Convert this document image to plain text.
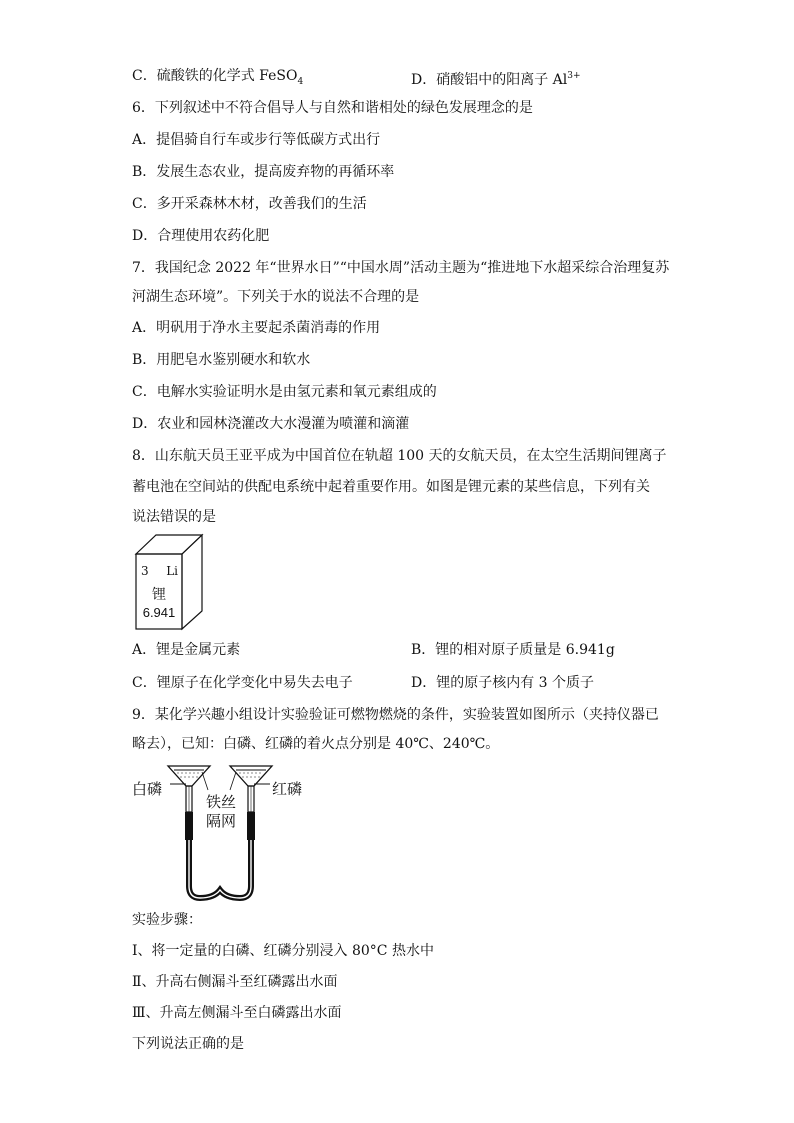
C．硫酸铁的化学式 FeSO$_4$	D．硝酸铝中的阳离子 $Al^{3+}$
6．下列叙述中不符合倡导人与自然和谐相处的绿色发展理念的是
A．提倡骑自行车或步行等低碳方式出行
B．发展生态农业，提高废弃物的再循环率
C．多开采森林木材，改善我们的生活
D．合理使用农药化肥
7．我国纪念 2022 年“世界水日”“中国水周”活动主题为“推进地下水超采综合治理复苏
河湖生态环境”。下列关于水的说法不合理的是
A．明矾用于净水主要起杀菌消毒的作用
B．用肥皂水鉴别硬水和软水
C．电解水实验证明水是由氢元素和氧元素组成的
D．农业和园林浇灌改大水漫灌为喷灌和滴灌
8．山东航天员王亚平成为中国首位在轨超 100 天的女航天员，在太空生活期间锂离子
蓄电池在空间站的供配电系统中起着重要作用。如图是锂元素的某些信息，下列有关
说法错误的是
3 Li
锂
6.941
A．锂是金属元素	B．锂的相对原子质量是 6.941g
C．锂原子在化学变化中易失去电子	D．锂的原子核内有 3 个质子
9．某化学兴趣小组设计实验验证可燃物燃烧的条件，实验装置如图所示（夹持仪器已
略去），已知：白磷、红磷的着火点分别是 40℃、240℃。
白磷	红磷
铁丝
隔网
实验步骤：
Ⅰ、将一定量的白磷、红磷分别浸入 80°C 热水中
Ⅱ、升高右侧漏斗至红磷露出水面
Ⅲ、升高左侧漏斗至白磷露出水面
下列说法正确的是
